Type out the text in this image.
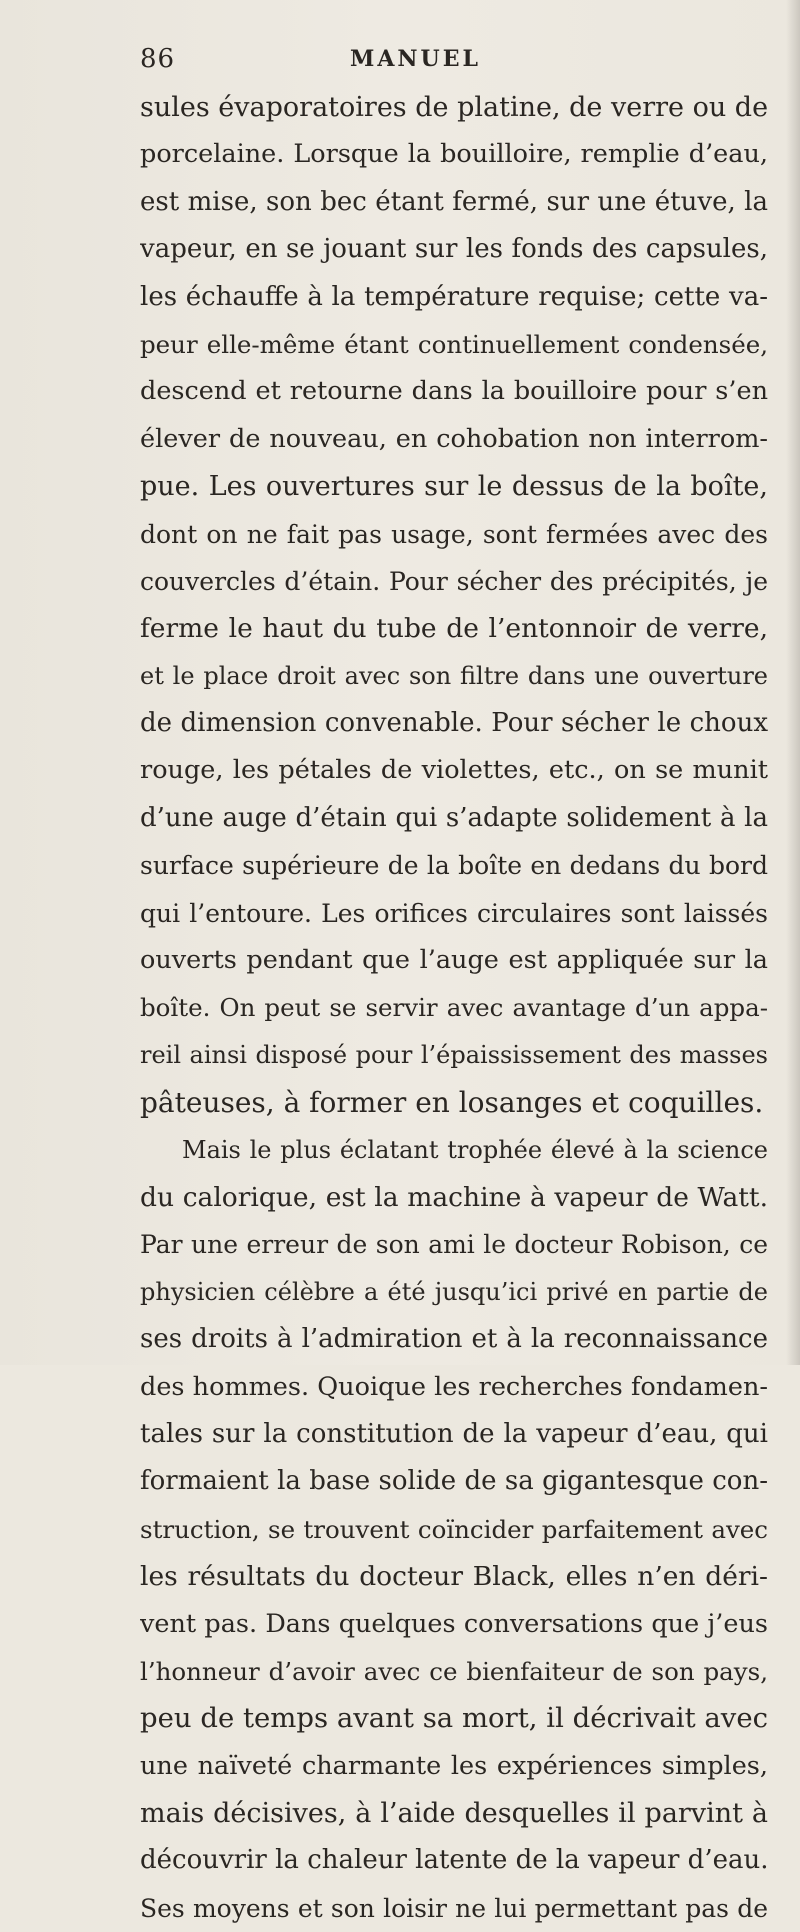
86	MANUEL
sules évaporatoires de platine, de verre ou de
porcelaine. Lorsque la bouilloire, remplie d’eau,
est mise, son bec étant fermé, sur une étuve, la
vapeur, en se jouant sur les fonds des capsules,
les échauffe à la température requise; cette va-
peur elle-même étant continuellement condensée,
descend et retourne dans la bouilloire pour s’en
élever de nouveau, en cohobation non interrom-
pue. Les ouvertures sur le dessus de la boîte,
dont on ne fait pas usage, sont fermées avec des
couvercles d’étain. Pour sécher des précipités, je
ferme le haut du tube de l’entonnoir de verre,
et le place droit avec son filtre dans une ouverture
de dimension convenable. Pour sécher le choux
rouge, les pétales de violettes, etc., on se munit
d’une auge d’étain qui s’adapte solidement à la
surface supérieure de la boîte en dedans du bord
qui l’entoure. Les orifices circulaires sont laissés
ouverts pendant que l’auge est appliquée sur la
boîte. On peut se servir avec avantage d’un appa-
reil ainsi disposé pour l’épaississement des masses
pâteuses, à former en losanges et coquilles.
Mais le plus éclatant trophée élevé à la science
du calorique, est la machine à vapeur de Watt.
Par une erreur de son ami le docteur Robison, ce
physicien célèbre a été jusqu’ici privé en partie de
ses droits à l’admiration et à la reconnaissance
des hommes. Quoique les recherches fondamen-
tales sur la constitution de la vapeur d’eau, qui
formaient la base solide de sa gigantesque con-
struction, se trouvent coïncider parfaitement avec
les résultats du docteur Black, elles n’en déri-
vent pas. Dans quelques conversations que j’eus
l’honneur d’avoir avec ce bienfaiteur de son pays,
peu de temps avant sa mort, il décrivait avec
une naïveté charmante les expériences simples,
mais décisives, à l’aide desquelles il parvint à
découvrir la chaleur latente de la vapeur d’eau.
Ses moyens et son loisir ne lui permettant pas de
